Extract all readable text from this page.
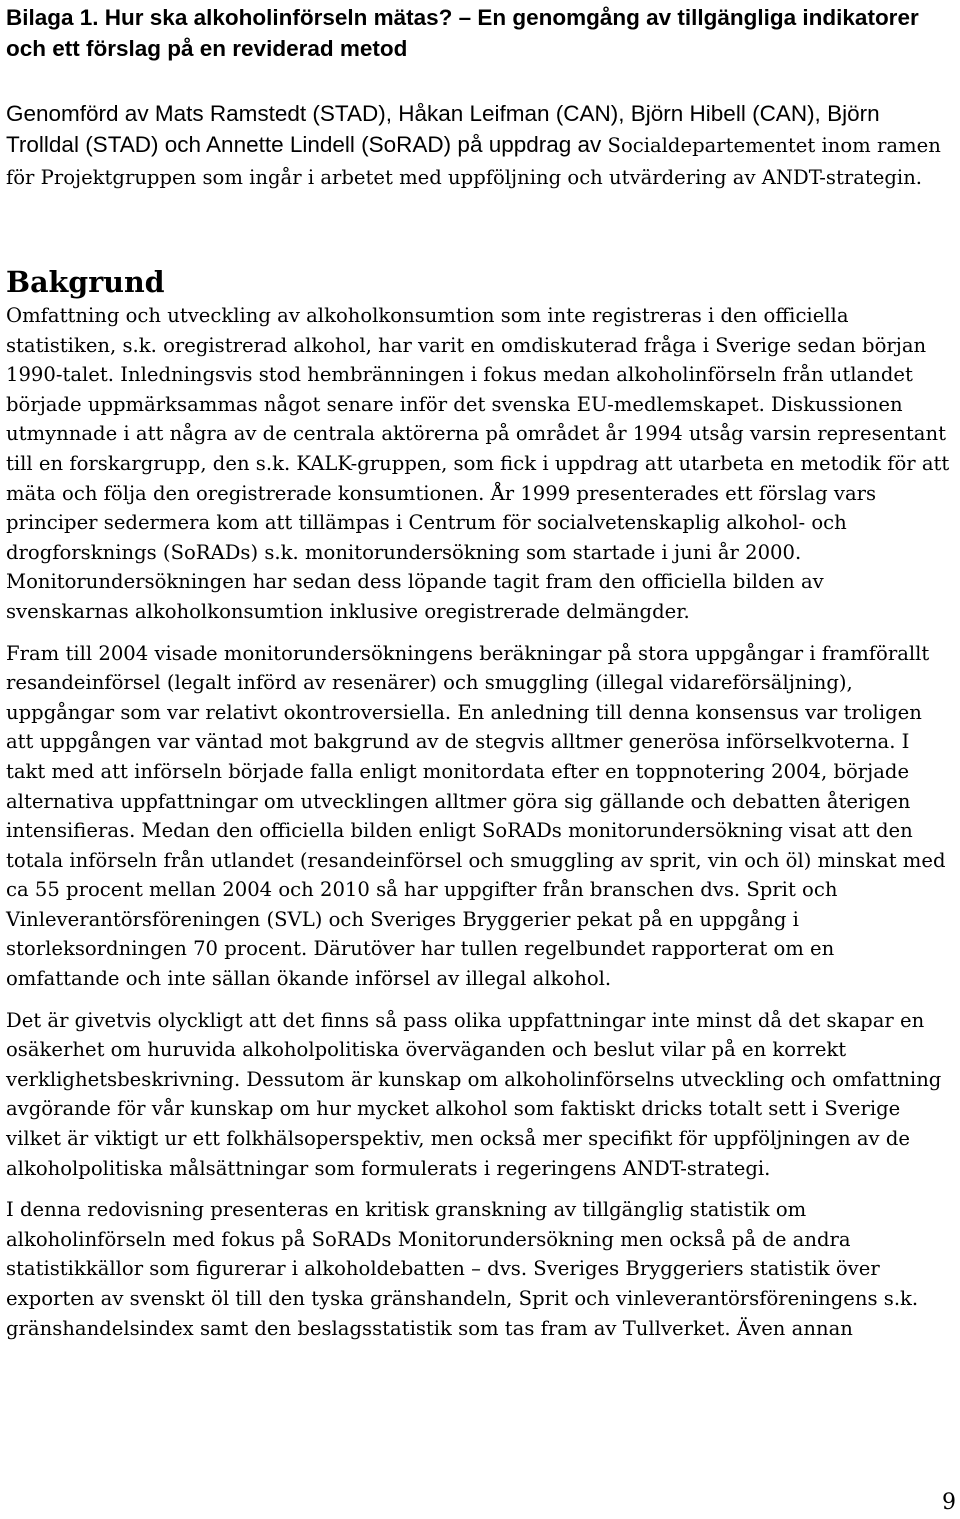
Bilaga 1. Hur ska alkoholinförseln mätas? – En genomgång av tillgängliga indikatorer och ett förslag på en reviderad metod

Genomförd av Mats Ramstedt (STAD), Håkan Leifman (CAN), Björn Hibell (CAN), Björn Trolldal (STAD) och Annette Lindell (SoRAD) på uppdrag av Socialdepartementet inom ramen för Projektgruppen som ingår i arbetet med uppföljning och utvärdering av ANDT-strategin.

Bakgrund

Omfattning och utveckling av alkoholkonsumtion som inte registreras i den officiella statistiken, s.k. oregistrerad alkohol, har varit en omdiskuterad fråga i Sverige sedan början 1990-talet. Inledningsvis stod hembränningen i fokus medan alkoholinförseln från utlandet började uppmärksammas något senare inför det svenska EU-medlemskapet. Diskussionen utmynnade i att några av de centrala aktörerna på området år 1994 utsåg varsin representant till en forskargrupp, den s.k. KALK-gruppen, som fick i uppdrag att utarbeta en metodik för att mäta och följa den oregistrerade konsumtionen. År 1999 presenterades ett förslag vars principer sedermera kom att tillämpas i Centrum för socialvetenskaplig alkohol- och drogforsknings (SoRADs) s.k. monitorundersökning som startade i juni år 2000. Monitorundersökningen har sedan dess löpande tagit fram den officiella bilden av svenskarnas alkoholkonsumtion inklusive oregistrerade delmängder.

Fram till 2004 visade monitorundersökningens beräkningar på stora uppgångar i framförallt resandeinförsel (legalt införd av resenärer) och smuggling (illegal vidareförsäljning), uppgångar som var relativt okontroversiella. En anledning till denna konsensus var troligen att uppgången var väntad mot bakgrund av de stegvis alltmer generösa införselkvoterna. I takt med att införseln började falla enligt monitordata efter en toppnotering 2004, började alternativa uppfattningar om utvecklingen alltmer göra sig gällande och debatten återigen intensifieras. Medan den officiella bilden enligt SoRADs monitorundersökning visat att den totala införseln från utlandet (resandeinförsel och smuggling av sprit, vin och öl) minskat med ca 55 procent mellan 2004 och 2010 så har uppgifter från branschen dvs. Sprit och Vinleverantörsföreningen (SVL) och Sveriges Bryggerier pekat på en uppgång i storleksordningen 70 procent. Därutöver har tullen regelbundet rapporterat om en omfattande och inte sällan ökande införsel av illegal alkohol.

Det är givetvis olyckligt att det finns så pass olika uppfattningar inte minst då det skapar en osäkerhet om huruvida alkoholpolitiska överväganden och beslut vilar på en korrekt verklighetsbeskrivning. Dessutom är kunskap om alkoholinförselns utveckling och omfattning avgörande för vår kunskap om hur mycket alkohol som faktiskt dricks totalt sett i Sverige vilket är viktigt ur ett folkhälsoperspektiv, men också mer specifikt för uppföljningen av de alkoholpolitiska målsättningar som formulerats i regeringens ANDT-strategi.

I denna redovisning presenteras en kritisk granskning av tillgänglig statistik om alkoholinförseln med fokus på SoRADs Monitorundersökning men också på de andra statistikkällor som figurerar i alkoholdebatten – dvs. Sveriges Bryggeriers statistik över exporten av svenskt öl till den tyska gränshandeln, Sprit och vinleverantörsföreningens s.k. gränshandelsindex samt den beslagsstatistik som tas fram av Tullverket. Även annan

9
